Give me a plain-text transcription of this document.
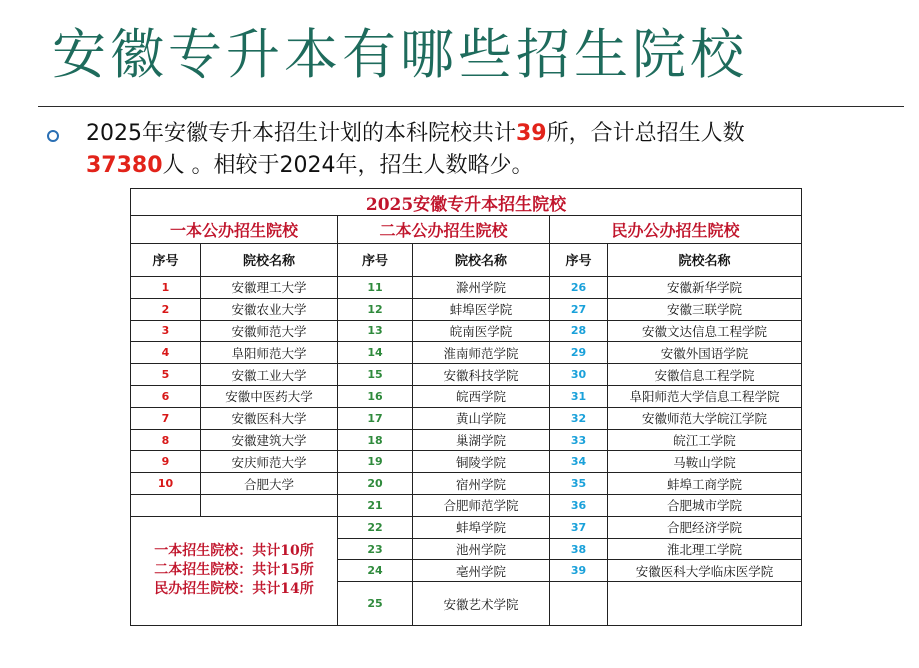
安徽专升本有哪些招生院校
2025年安徽专升本招生计划的本科院校共计39所，合计总招生人数
37380人 。相较于2024年，招生人数略少。
2025安徽专升本招生院校					
一本公办招生院校		二本公办招生院校		民办公办招生院校	
序号	院校名称	序号	院校名称	序号	院校名称
1	安徽理工大学	11	滁州学院	26	安徽新华学院
2	安徽农业大学	12	蚌埠医学院	27	安徽三联学院
3	安徽师范大学	13	皖南医学院	28	安徽文达信息工程学院
4	阜阳师范大学	14	淮南师范学院	29	安徽外国语学院
5	安徽工业大学	15	安徽科技学院	30	安徽信息工程学院
6	安徽中医药大学	16	皖西学院	31	阜阳师范大学信息工程学院
7	安徽医科大学	17	黄山学院	32	安徽师范大学皖江学院
8	安徽建筑大学	18	巢湖学院	33	皖江工学院
9	安庆师范大学	19	铜陵学院	34	马鞍山学院
10	合肥大学	20	宿州学院	35	蚌埠工商学院
		21	合肥师范学院	36	合肥城市学院

一本招生院校：共计10所
二本招生院校：共计15所
民办招生院校：共计14所		22	蚌埠学院	37	合肥经济学院
		23	池州学院	38	淮北理工学院
		24	亳州学院	39	安徽医科大学临床医学院
		25	安徽艺术学院		
